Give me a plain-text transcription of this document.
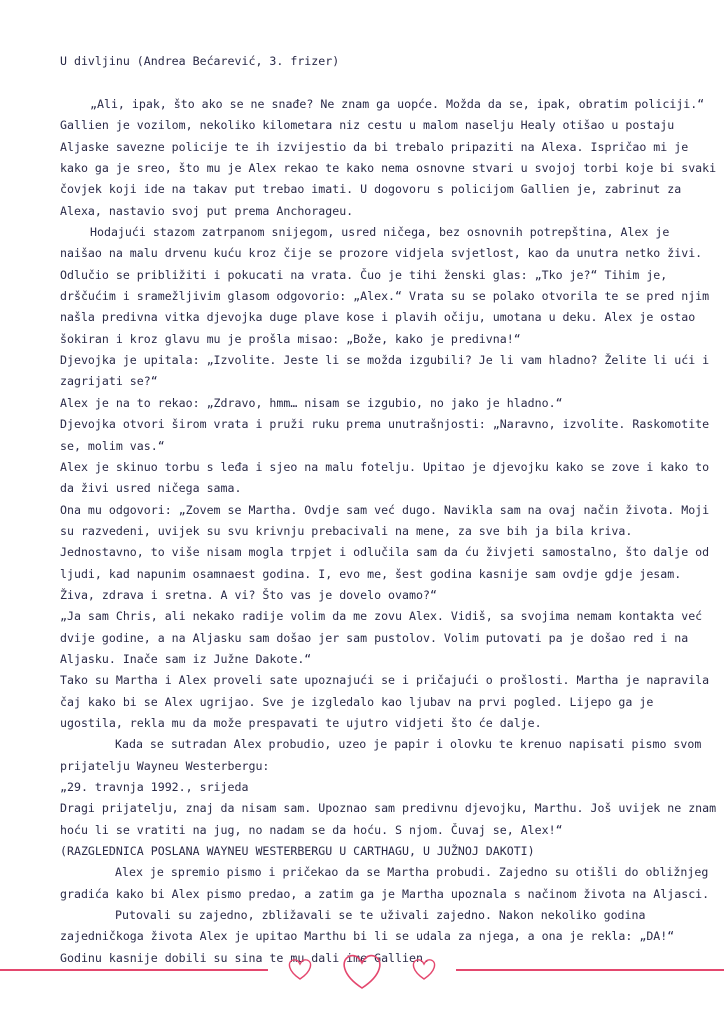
U divljinu (Andrea Bećarević, 3. frizer)

„Ali, ipak, što ako se ne snađe? Ne znam ga uopće. Možda da se, ipak, obratim policiji.“

Gallien je vozilom, nekoliko kilometara niz cestu u malom naselju Healy otišao u postaju

Aljaske savezne policije te ih izvijestio da bi trebalo pripaziti na Alexa. Ispričao mi je

kako ga je sreo, što mu je Alex rekao te kako nema osnovne stvari u svojoj torbi koje bi svaki

čovjek koji ide na takav put trebao imati. U dogovoru s policijom Gallien je, zabrinut za

Alexa, nastavio svoj put prema Anchorageu.

Hodajući stazom zatrpanom snijegom, usred ničega, bez osnovnih potrepština, Alex je

naišao na malu drvenu kuću kroz čije se prozore vidjela svjetlost, kao da unutra netko živi.

Odlučio se približiti i pokucati na vrata. Čuo je tihi ženski glas: „Tko je?“ Tihim je,

drščućim i sramežljivim glasom odgovorio: „Alex.“ Vrata su se polako otvorila te se pred njim

našla predivna vitka djevojka duge plave kose i plavih očiju, umotana u deku. Alex je ostao

šokiran i kroz glavu mu je prošla misao: „Bože, kako je predivna!“

Djevojka je upitala: „Izvolite. Jeste li se možda izgubili? Je li vam hladno? Želite li ući i

zagrijati se?“

Alex je na to rekao: „Zdravo, hmm… nisam se izgubio, no jako je hladno.“

Djevojka otvori širom vrata i pruži ruku prema unutrašnjosti: „Naravno, izvolite. Raskomotite

se, molim vas.“

Alex je skinuo torbu s leđa i sjeo na malu fotelju. Upitao je djevojku kako se zove i kako to

da živi usred ničega sama.

Ona mu odgovori: „Zovem se Martha. Ovdje sam već dugo. Navikla sam na ovaj način života. Moji

su razvedeni, uvijek su svu krivnju prebacivali na mene, za sve bih ja bila kriva.

Jednostavno, to više nisam mogla trpjet i odlučila sam da ću živjeti samostalno, što dalje od

ljudi, kad napunim osamnaest godina. I, evo me, šest godina kasnije sam ovdje gdje jesam.

Živa, zdrava i sretna. A vi? Što vas je dovelo ovamo?“

„Ja sam Chris, ali nekako radije volim da me zovu Alex. Vidiš, sa svojima nemam kontakta već

dvije godine, a na Aljasku sam došao jer sam pustolov. Volim putovati pa je došao red i na

Aljasku. Inače sam iz Južne Dakote.“

Tako su Martha i Alex proveli sate upoznajući se i pričajući o prošlosti. Martha je napravila

čaj kako bi se Alex ugrijao. Sve je izgledalo kao ljubav na prvi pogled. Lijepo ga je

ugostila, rekla mu da može prespavati te ujutro vidjeti što će dalje.

Kada se sutradan Alex probudio, uzeo je papir i olovku te krenuo napisati pismo svom

prijatelju Wayneu Westerbergu:

„29. travnja 1992., srijeda

Dragi prijatelju, znaj da nisam sam. Upoznao sam predivnu djevojku, Marthu. Još uvijek ne znam

hoću li se vratiti na jug, no nadam se da hoću. S njom. Čuvaj se, Alex!“

(RAZGLEDNICA POSLANA WAYNEU WESTERBERGU U CARTHAGU, U JUŽNOJ DAKOTI)

Alex je spremio pismo i pričekao da se Martha probudi. Zajedno su otišli do obližnjeg

gradića kako bi Alex pismo predao, a zatim ga je Martha upoznala s načinom života na Aljasci.

Putovali su zajedno, zbližavali se te uživali zajedno. Nakon nekoliko godina

zajedničkoga života Alex je upitao Marthu bi li se udala za njega, a ona je rekla: „DA!“

Godinu kasnije dobili su sina te mu dali ime Gallien.
